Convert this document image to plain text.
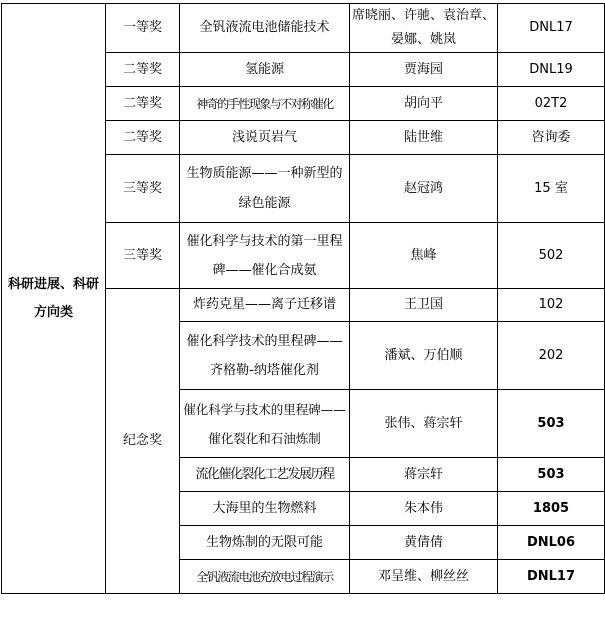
科研进展、科研方向类	一等奖	全钒液流电池储能技术	席晓丽、许驰、袁治章、晏娜、姚岚	DNL17
	二等奖	氢能源	贾海园	DNL19
	二等奖	神奇的手性现象与不对称催化	胡向平	02T2
	二等奖	浅说页岩气	陆世维	咨询委
	三等奖	生物质能源——一种新型的绿色能源	赵冠鸿	15 室
	三等奖	催化科学与技术的第一里程碑——催化合成氨	焦峰	502
	纪念奖	炸药克星——离子迁移谱	王卫国	102
		催化科学技术的里程碑——齐格勒-纳塔催化剂	潘斌、万伯顺	202
		催化科学与技术的里程碑——催化裂化和石油炼制	张伟、蒋宗轩	503
		流化催化裂化工艺发展历程	蒋宗轩	503
		大海里的生物燃料	朱本伟	1805
		生物炼制的无限可能	黄倩倩	DNL06
		全钒液流电池充放电过程演示	邓呈维、柳丝丝	DNL17
